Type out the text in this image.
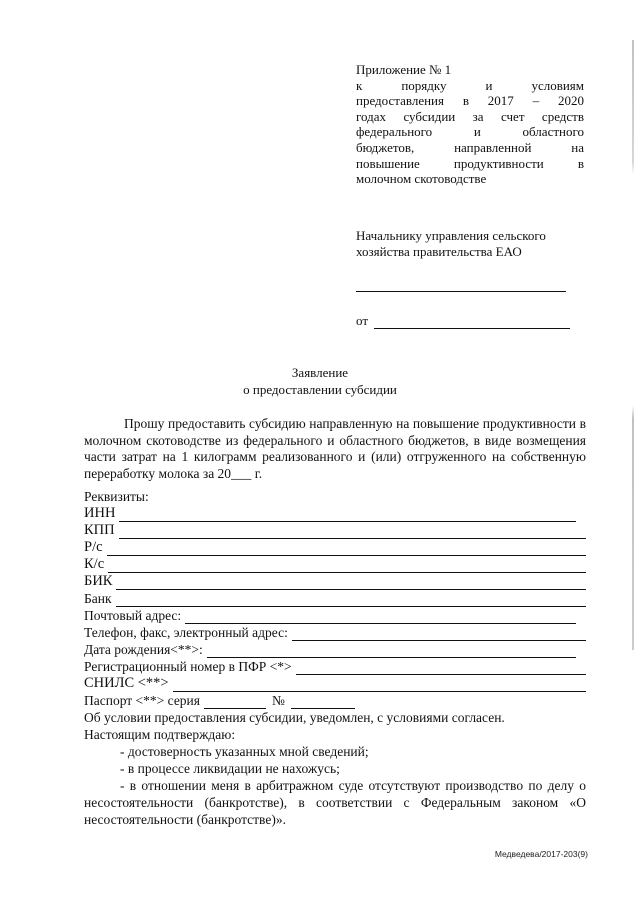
Приложение № 1
к	порядку	и	условиям
предоставления в 2017 – 2020
годах субсидии за счет средств
федерального	и	областного
бюджетов,	направленной	на
повышение	продуктивности	в
молочном скотоводстве
Начальнику управления сельского
хозяйства правительства ЕАО
от
Заявление
о предоставлении субсидии
Прошу предоставить субсидию направленную на повышение продуктивности в молочном скотоводстве из федерального и областного бюджетов, в виде возмещения части затрат на 1 килограмм реализованного и (или) отгруженного на собственную переработку молока за 20___ г.
Реквизиты:
ИНН
КПП
Р/с
К/с
БИК
Банк
Почтовый адрес:
Телефон, факс, электронный адрес:
Дата рождения<**>:
Регистрационный номер в ПФР <*>
СНИЛС <**>
Паспорт <**> серия	№
Об условии предоставления субсидии, уведомлен, с условиями согласен.
Настоящим подтверждаю:
- достоверность указанных мной сведений;
- в процессе ликвидации не нахожусь;
- в отношении меня в арбитражном суде отсутствуют производство по делу о несостоятельности (банкротстве), в соответствии с Федеральным законом «О несостоятельности (банкротстве)».
Медведева/2017-203(9)
